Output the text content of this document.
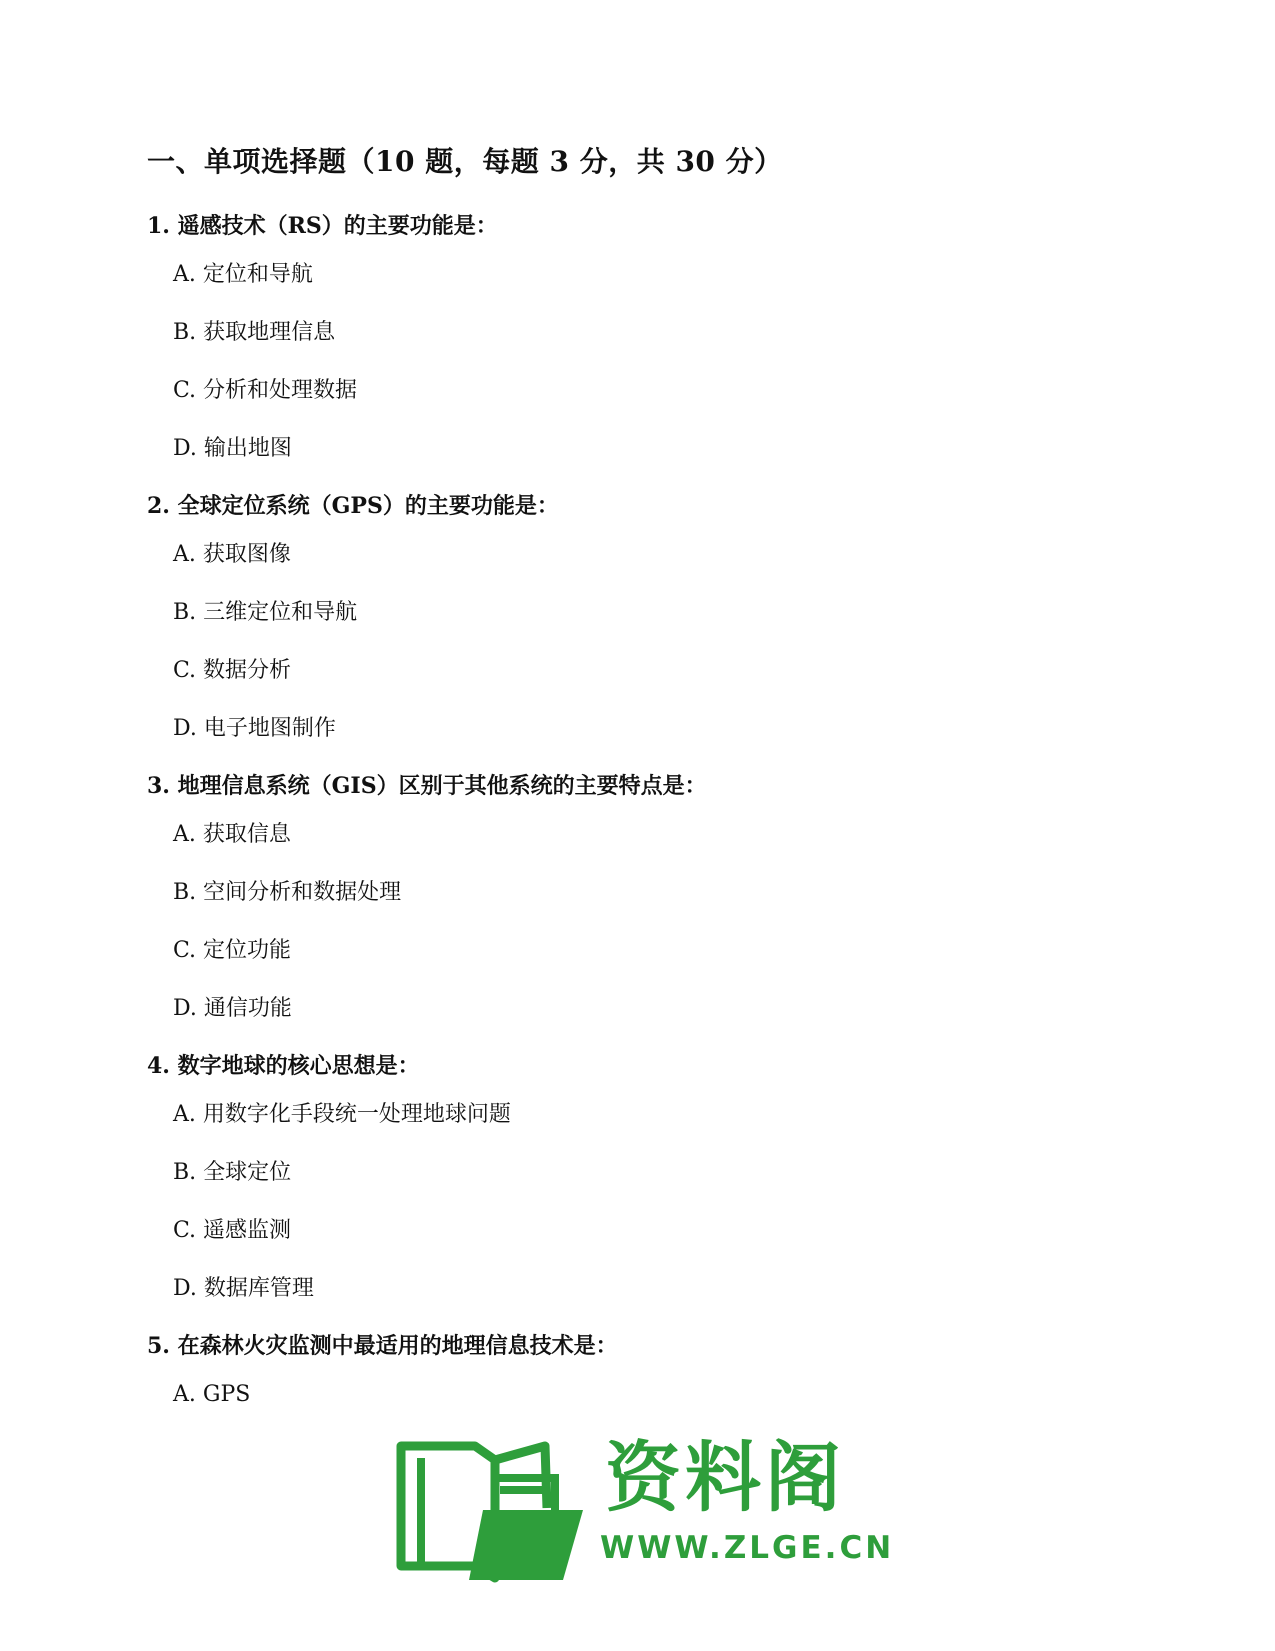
一、单项选择题（10 题，每题 3 分，共 30 分）
1. 遥感技术（RS）的主要功能是：
A. 定位和导航
B. 获取地理信息
C. 分析和处理数据
D. 输出地图
2. 全球定位系统（GPS）的主要功能是：
A. 获取图像
B. 三维定位和导航
C. 数据分析
D. 电子地图制作
3. 地理信息系统（GIS）区别于其他系统的主要特点是：
A. 获取信息
B. 空间分析和数据处理
C. 定位功能
D. 通信功能
4. 数字地球的核心思想是：
A. 用数字化手段统一处理地球问题
B. 全球定位
C. 遥感监测
D. 数据库管理
5. 在森林火灾监测中最适用的地理信息技术是：
A. GPS
资料阁
WWW.ZLGE.CN
